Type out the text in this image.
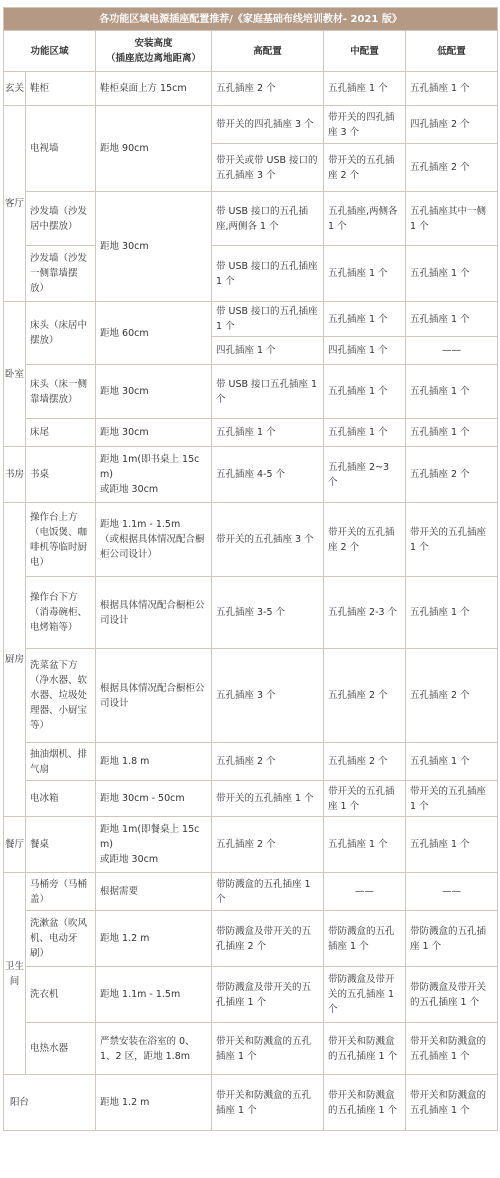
各功能区域电源插座配置推荐/《家庭基础布线培训教材- 2021 版》					
功能区域		安装高度
（插座底边离地距离）	高配置	中配置	低配置
玄关	鞋柜	鞋柜桌面上方 15cm	五孔插座 2 个	五孔插座 1 个	五孔插座 1 个
客厅	电视墙	距地 90cm	带开关的四孔插座 3 个	带开关的四孔插座 3 个	四孔插座 2 个
			带开关或带 USB 接口的五孔插座 3 个	带开关的五孔插座 2 个	五孔插座 2 个
	沙发墙（沙发居中摆放）	距地 30cm	带 USB 接口的五孔插座,两侧各 1 个	五孔插座,两侧各 1 个	五孔插座其中一侧 1 个
	沙发墙（沙发一侧靠墙摆放）		带 USB 接口的五孔插座 1 个	五孔插座 1 个	五孔插座 1 个
卧室	床头（床居中摆放）	距地 60cm	带 USB 接口的五孔插座 1 个	五孔插座 1 个	五孔插座 1 个
			四孔插座 1 个	四孔插座 1 个	——
	床头（床一侧靠墙摆放）	距地 30cm	带 USB 接口五孔插座 1 个	五孔插座 1 个	五孔插座 1 个
	床尾	距地 30cm	五孔插座 1 个	五孔插座 1 个	五孔插座 1 个
书房	书桌	距地 1m(即书桌上 15cm)
或距地 30cm	五孔插座 4-5 个	五孔插座 2~3 个	五孔插座 2 个
厨房	操作台上方（电饭煲、咖啡机等临时厨电）	距地 1.1m - 1.5m
（或根据具体情况配合橱柜公司设计）	带开关的五孔插座 3 个	带开关的五孔插座 2 个	带开关的五孔插座 1 个
	操作台下方（消毒碗柜、电烤箱等）	根据具体情况配合橱柜公司设计	五孔插座 3-5 个	五孔插座 2-3 个	五孔插座 1 个
	洗菜盆下方（净水器、软水器、垃圾处理器、小厨宝等）	根据具体情况配合橱柜公司设计	五孔插座 3 个	五孔插座 2 个	五孔插座 2 个
	抽油烟机、排气扇	距地 1.8 m	五孔插座 2 个	五孔插座 2 个	五孔插座 1 个
	电冰箱	距地 30cm - 50cm	带开关的五孔插座 1 个	带开关的五孔插座 1 个	带开关的五孔插座 1 个
餐厅	餐桌	距地 1m(即餐桌上 15cm)
或距地 30cm	五孔插座 2 个	五孔插座 1 个	五孔插座 1 个
卫生间	马桶旁（马桶盖）	根据需要	带防溅盒的五孔插座 1 个	——	——
	洗漱盆（吹风机、电动牙刷）	距地 1.2 m	带防溅盒及带开关的五孔插座 2 个	带防溅盒的五孔插座 1 个	带防溅盒的五孔插座 1 个
	洗衣机	距地 1.1m - 1.5m	带防溅盒及带开关的五孔插座 1 个	带防溅盒及带开关的五孔插座 1 个	带防溅盒及带开关的五孔插座 1 个
	电热水器	严禁安装在浴室的 0、1、2 区，距地 1.8m	带开关和防溅盒的五孔插座 1 个	带开关和防溅盒的五孔插座 1 个	带开关和防溅盒的五孔插座 1 个
阳台		距地 1.2 m	带开关和防溅盒的五孔插座 1 个	带开关和防溅盒的五孔插座 1 个	带开关和防溅盒的五孔插座 1 个
